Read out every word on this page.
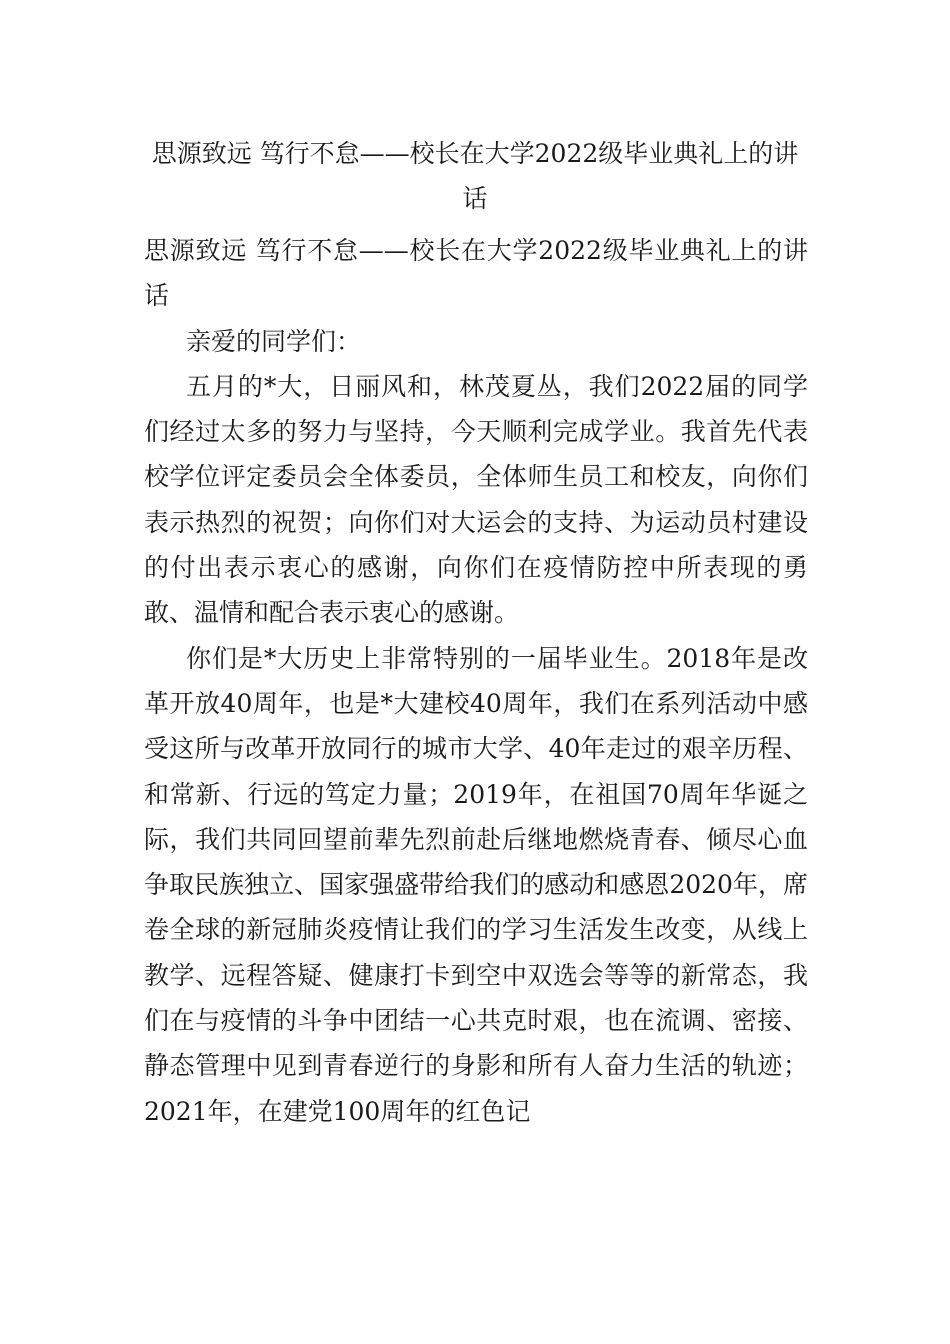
思源致远 笃行不怠——校长在大学2022级毕业典礼上的讲话

思源致远 笃行不怠——校长在大学2022级毕业典礼上的讲话

亲爱的同学们：

五月的*大，日丽风和，林茂夏丛，我们2022届的同学们经过太多的努力与坚持，今天顺利完成学业。我首先代表校学位评定委员会全体委员，全体师生员工和校友，向你们表示热烈的祝贺；向你们对大运会的支持、为运动员村建设的付出表示衷心的感谢，向你们在疫情防控中所表现的勇敢、温情和配合表示衷心的感谢。

你们是*大历史上非常特别的一届毕业生。2018年是改革开放40周年，也是*大建校40周年，我们在系列活动中感受这所与改革开放同行的城市大学、40年走过的艰辛历程、和常新、行远的笃定力量；2019年，在祖国70周年华诞之际，我们共同回望前辈先烈前赴后继地燃烧青春、倾尽心血争取民族独立、国家强盛带给我们的感动和感恩2020年，席卷全球的新冠肺炎疫情让我们的学习生活发生改变，从线上教学、远程答疑、健康打卡到空中双选会等等的新常态，我们在与疫情的斗争中团结一心共克时艰，也在流调、密接、静态管理中见到青春逆行的身影和所有人奋力生活的轨迹；2021年，在建党100周年的红色记
